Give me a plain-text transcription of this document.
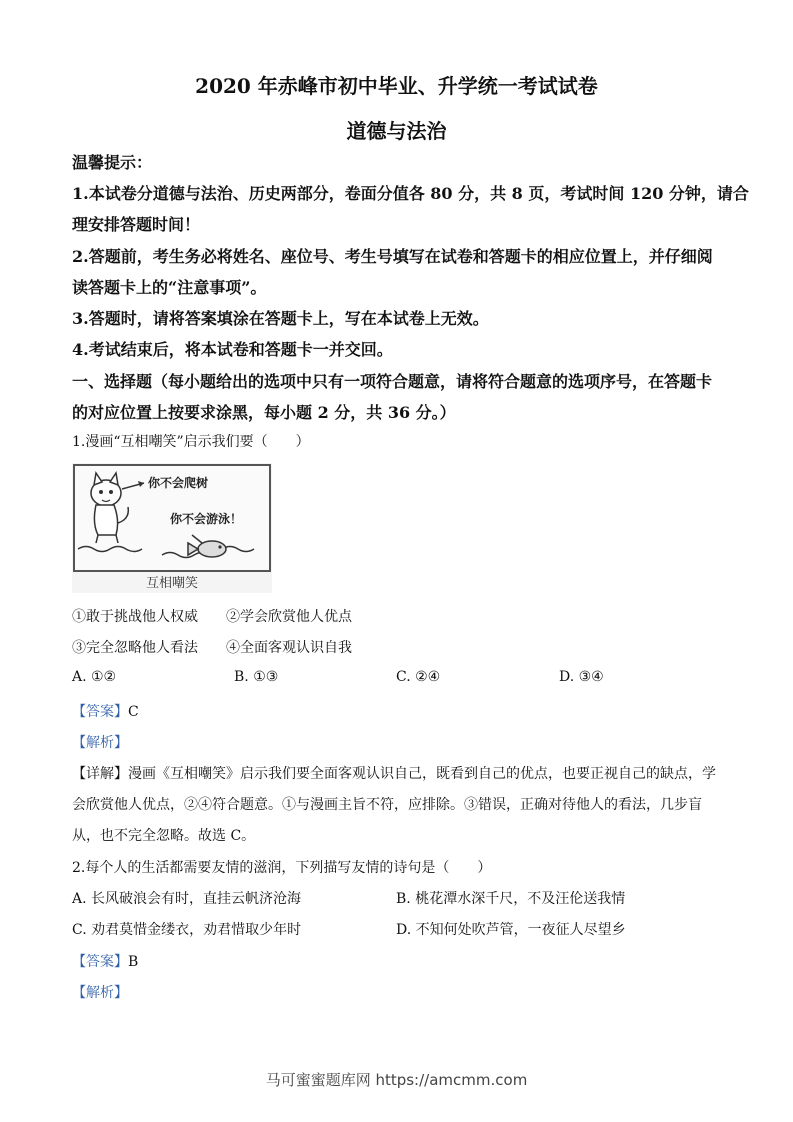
2020 年赤峰市初中毕业、升学统一考试试卷
道德与法治
温馨提示：
1.本试卷分道德与法治、历史两部分，卷面分值各 80 分，共 8 页，考试时间 120 分钟，请合
理安排答题时间！
2.答题前，考生务必将姓名、座位号、考生号填写在试卷和答题卡的相应位置上，并仔细阅
读答题卡上的“注意事项”。
3.答题时，请将答案填涂在答题卡上，写在本试卷上无效。
4.考试结束后，将本试卷和答题卡一并交回。
一、选择题（每小题给出的选项中只有一项符合题意，请将符合题意的选项序号，在答题卡
的对应位置上按要求涂黑，每小题 2 分，共 36 分。）
1.漫画“互相嘲笑”启示我们要（　　）
你不会爬树
你不会游泳！
互相嘲笑
①敢于挑战他人权威 ②学会欣赏他人优点
③完全忽略他人看法 ④全面客观认识自我
A. ①②	B. ①③	C. ②④	D. ③④
【答案】C
【解析】
【详解】漫画《互相嘲笑》启示我们要全面客观认识自己，既看到自己的优点，也要正视自己的缺点，学
会欣赏他人优点，②④符合题意。①与漫画主旨不符，应排除。③错误，正确对待他人的看法，几步盲
从，也不完全忽略。故选 C。
2.每个人的生活都需要友情的滋润，下列描写友情的诗句是（　　）
A. 长风破浪会有时，直挂云帆济沧海	B. 桃花潭水深千尺，不及汪伦送我情
C. 劝君莫惜金缕衣，劝君惜取少年时	D. 不知何处吹芦管，一夜征人尽望乡
【答案】B
【解析】
马可蜜蜜题库网 https://amcmm.com
